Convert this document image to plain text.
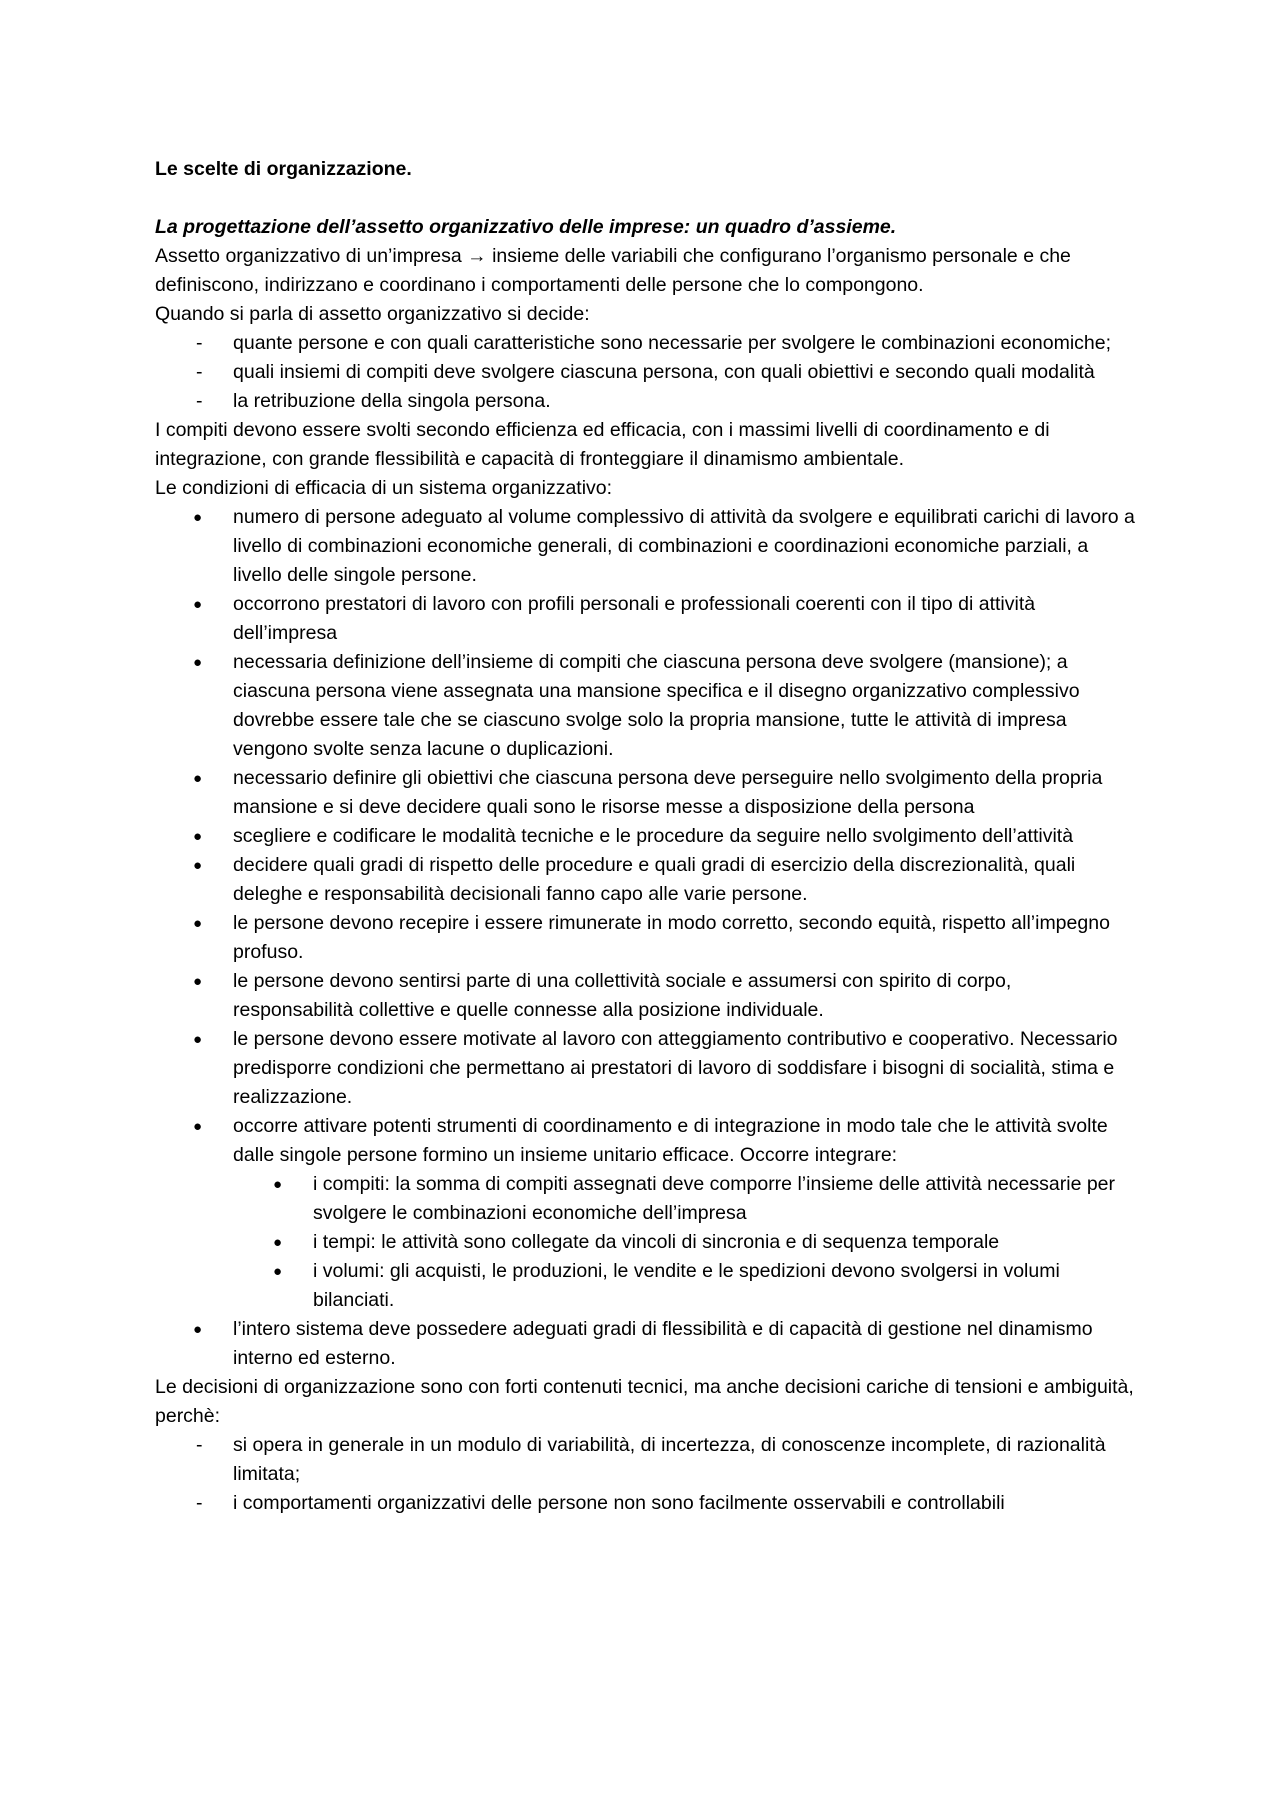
Le scelte di organizzazione.

La progettazione dell’assetto organizzativo delle imprese: un quadro d’assieme.

Assetto organizzativo di un’impresa → insieme delle variabili che configurano l’organismo personale e che definiscono, indirizzano e coordinano i comportamenti delle persone che lo compongono.

Quando si parla di assetto organizzativo si decide:

- quante persone e con quali caratteristiche sono necessarie per svolgere le combinazioni economiche;
- quali insiemi di compiti deve svolgere ciascuna persona, con quali obiettivi e secondo quali modalità
- la retribuzione della singola persona.

I compiti devono essere svolti secondo efficienza ed efficacia, con i massimi livelli di coordinamento e di integrazione, con grande flessibilità e capacità di fronteggiare il dinamismo ambientale.

Le condizioni di efficacia di un sistema organizzativo:

● numero di persone adeguato al volume complessivo di attività da svolgere e equilibrati carichi di lavoro a livello di combinazioni economiche generali, di combinazioni e coordinazioni economiche parziali, a livello delle singole persone.
● occorrono prestatori di lavoro con profili personali e professionali coerenti con il tipo di attività dell’impresa
● necessaria definizione dell’insieme di compiti che ciascuna persona deve svolgere (mansione); a ciascuna persona viene assegnata una mansione specifica e il disegno organizzativo complessivo dovrebbe essere tale che se ciascuno svolge solo la propria mansione, tutte le attività di impresa vengono svolte senza lacune o duplicazioni.
● necessario definire gli obiettivi che ciascuna persona deve perseguire nello svolgimento della propria mansione e si deve decidere quali sono le risorse messe a disposizione della persona
● scegliere e codificare le modalità tecniche e le procedure da seguire nello svolgimento dell’attività
● decidere quali gradi di rispetto delle procedure e quali gradi di esercizio della discrezionalità, quali deleghe e responsabilità decisionali fanno capo alle varie persone.
● le persone devono recepire i essere rimunerate in modo corretto, secondo equità, rispetto all’impegno profuso.
● le persone devono sentirsi parte di una collettività sociale e assumersi con spirito di corpo, responsabilità collettive e quelle connesse alla posizione individuale.
● le persone devono essere motivate al lavoro con atteggiamento contributivo e cooperativo. Necessario predisporre condizioni che permettano ai prestatori di lavoro di soddisfare i bisogni di socialità, stima e realizzazione.
● occorre attivare potenti strumenti di coordinamento e di integrazione in modo tale che le attività svolte dalle singole persone formino un insieme unitario efficace. Occorre integrare:
● i compiti: la somma di compiti assegnati deve comporre l’insieme delle attività necessarie per svolgere le combinazioni economiche dell’impresa
● i tempi: le attività sono collegate da vincoli di sincronia e di sequenza temporale
● i volumi: gli acquisti, le produzioni, le vendite e le spedizioni devono svolgersi in volumi bilanciati.
● l’intero sistema deve possedere adeguati gradi di flessibilità e di capacità di gestione nel dinamismo interno ed esterno.

Le decisioni di organizzazione sono con forti contenuti tecnici, ma anche decisioni cariche di tensioni e ambiguità, perchè:

- si opera in generale in un modulo di variabilità, di incertezza, di conoscenze incomplete, di razionalità limitata;
- i comportamenti organizzativi delle persone non sono facilmente osservabili e controllabili
